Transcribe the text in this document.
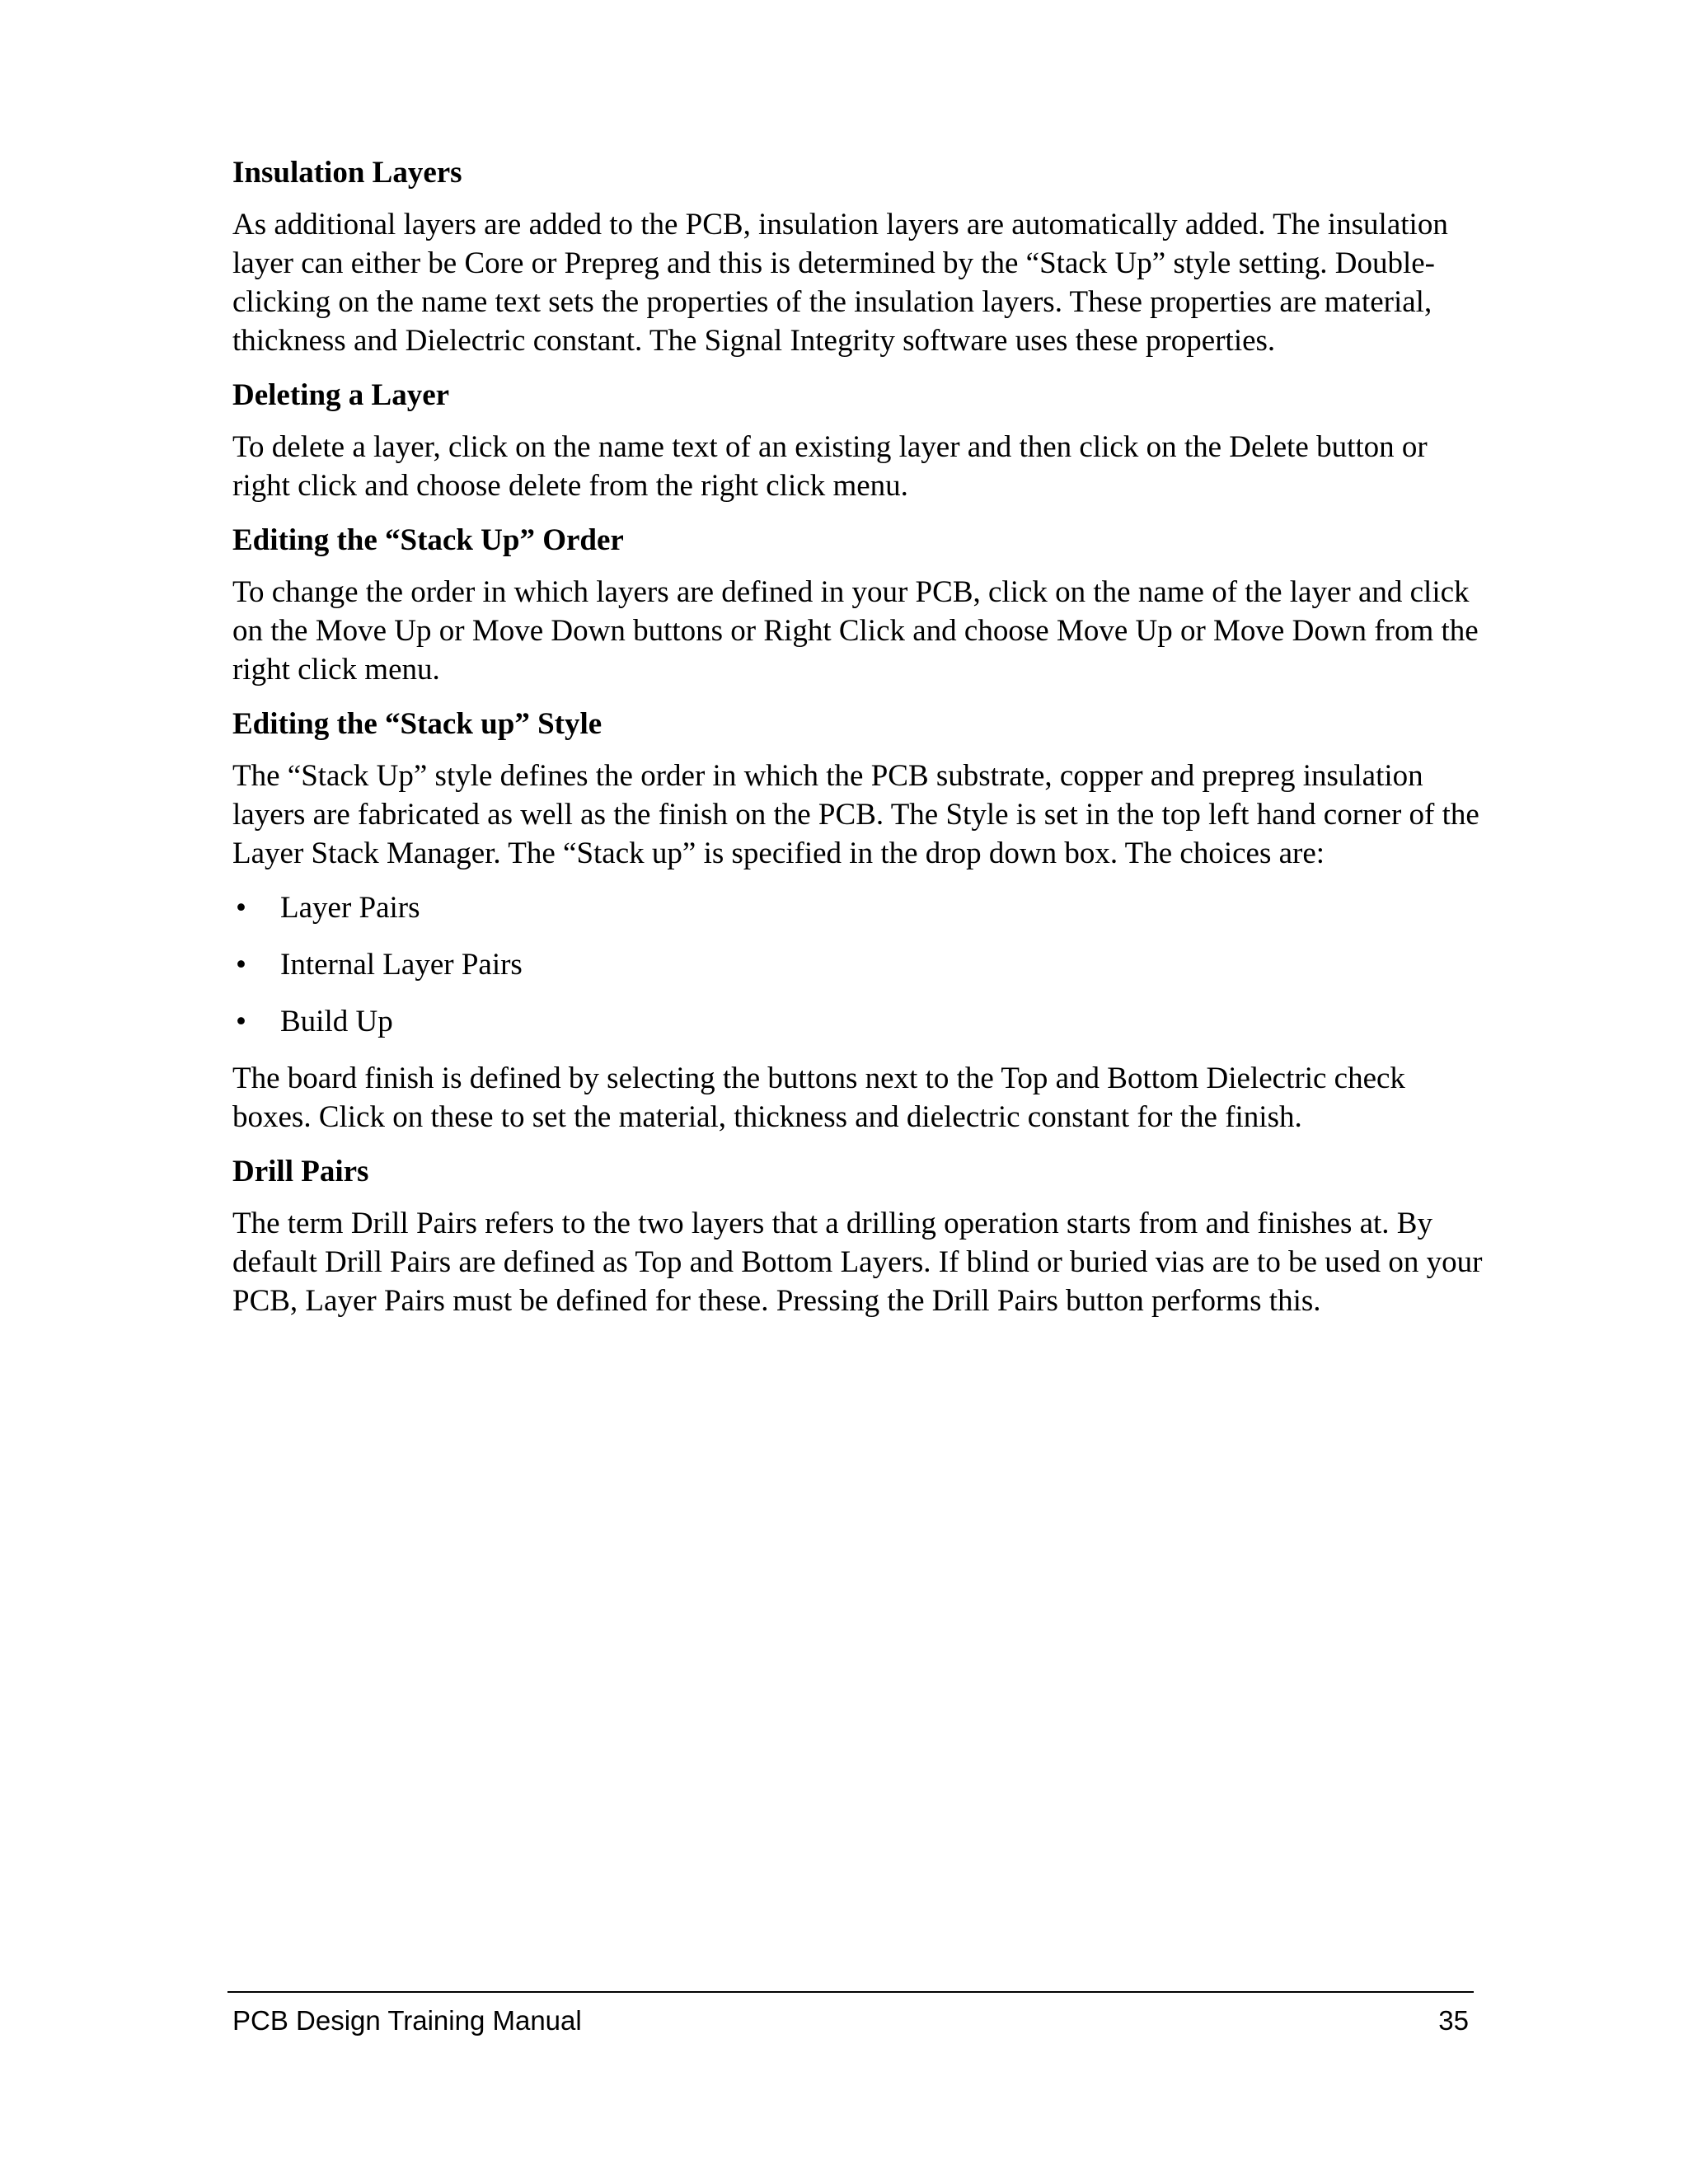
Insulation Layers

As additional layers are added to the PCB, insulation layers are automatically added. The insulation layer can either be Core or Prepreg and this is determined by the “Stack Up” style setting. Double-clicking on the name text sets the properties of the insulation layers. These properties are material, thickness and Dielectric constant. The Signal Integrity software uses these properties.

Deleting a Layer

To delete a layer, click on the name text of an existing layer and then click on the Delete button or right click and choose delete from the right click menu.

Editing the “Stack Up” Order

To change the order in which layers are defined in your PCB, click on the name of the layer and click on the Move Up or Move Down buttons or Right Click and choose Move Up or Move Down from the right click menu.

Editing the “Stack up” Style

The “Stack Up” style defines the order in which the PCB substrate, copper and prepreg insulation layers are fabricated as well as the finish on the PCB. The Style is set in the top left hand corner of the Layer Stack Manager. The “Stack up” is specified in the drop down box. The choices are:

• Layer Pairs
• Internal Layer Pairs
• Build Up

The board finish is defined by selecting the buttons next to the Top and Bottom Dielectric check boxes. Click on these to set the material, thickness and dielectric constant for the finish.

Drill Pairs

The term Drill Pairs refers to the two layers that a drilling operation starts from and finishes at. By default Drill Pairs are defined as Top and Bottom Layers. If blind or buried vias are to be used on your PCB, Layer Pairs must be defined for these. Pressing the Drill Pairs button performs this.

PCB Design Training Manual	35
